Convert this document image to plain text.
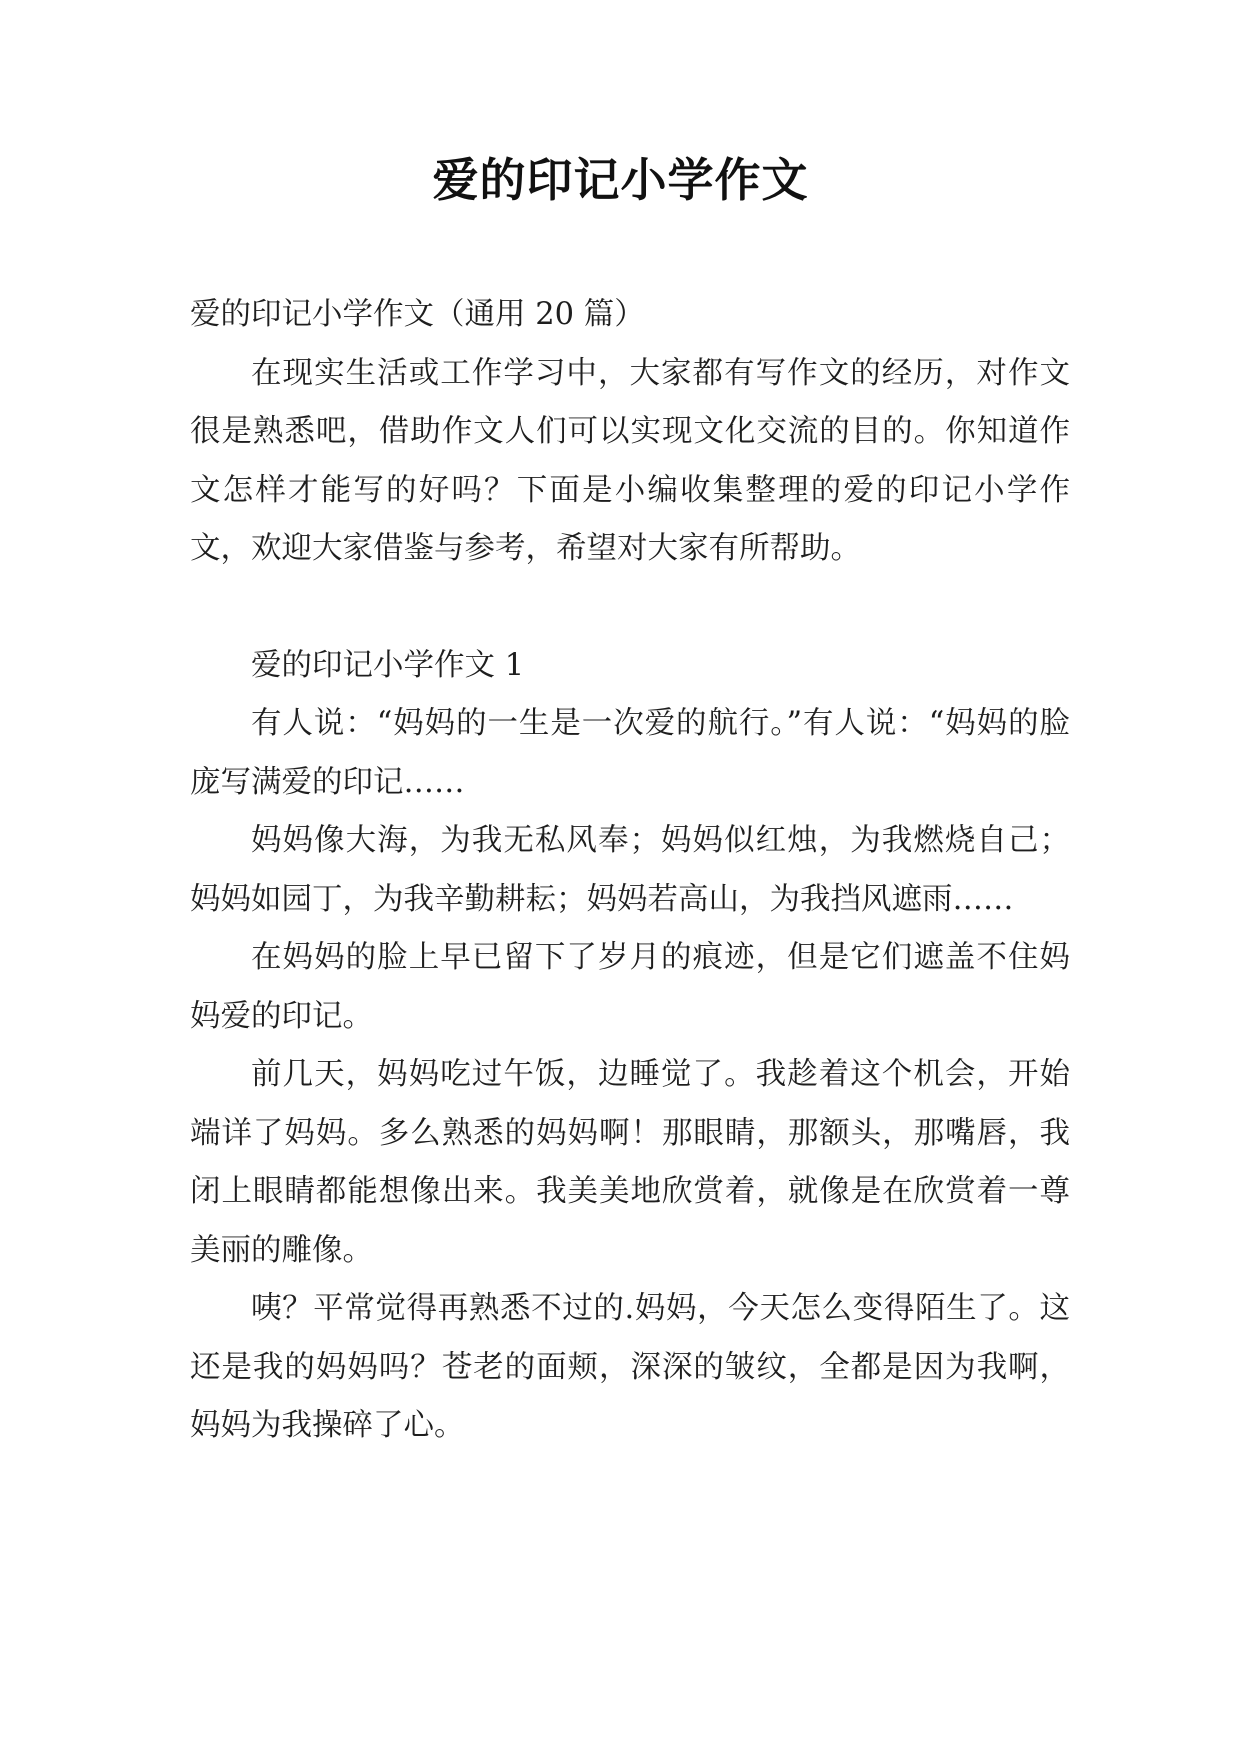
爱的印记小学作文

爱的印记小学作文（通用 20 篇）

在现实生活或工作学习中，大家都有写作文的经历，对作文很是熟悉吧，借助作文人们可以实现文化交流的目的。你知道作文怎样才能写的好吗？下面是小编收集整理的爱的印记小学作文，欢迎大家借鉴与参考，希望对大家有所帮助。

爱的印记小学作文 1

有人说：“妈妈的一生是一次爱的航行。”有人说：“妈妈的脸庞写满爱的印记……

妈妈像大海，为我无私风奉；妈妈似红烛，为我燃烧自己；妈妈如园丁，为我辛勤耕耘；妈妈若高山，为我挡风遮雨……

在妈妈的脸上早已留下了岁月的痕迹，但是它们遮盖不住妈妈爱的印记。

前几天，妈妈吃过午饭，边睡觉了。我趁着这个机会，开始端详了妈妈。多么熟悉的妈妈啊！那眼睛，那额头，那嘴唇，我闭上眼睛都能想像出来。我美美地欣赏着，就像是在欣赏着一尊美丽的雕像。

咦？平常觉得再熟悉不过的.妈妈，今天怎么变得陌生了。这还是我的妈妈吗？苍老的面颊，深深的皱纹，全都是因为我啊，妈妈为我操碎了心。
